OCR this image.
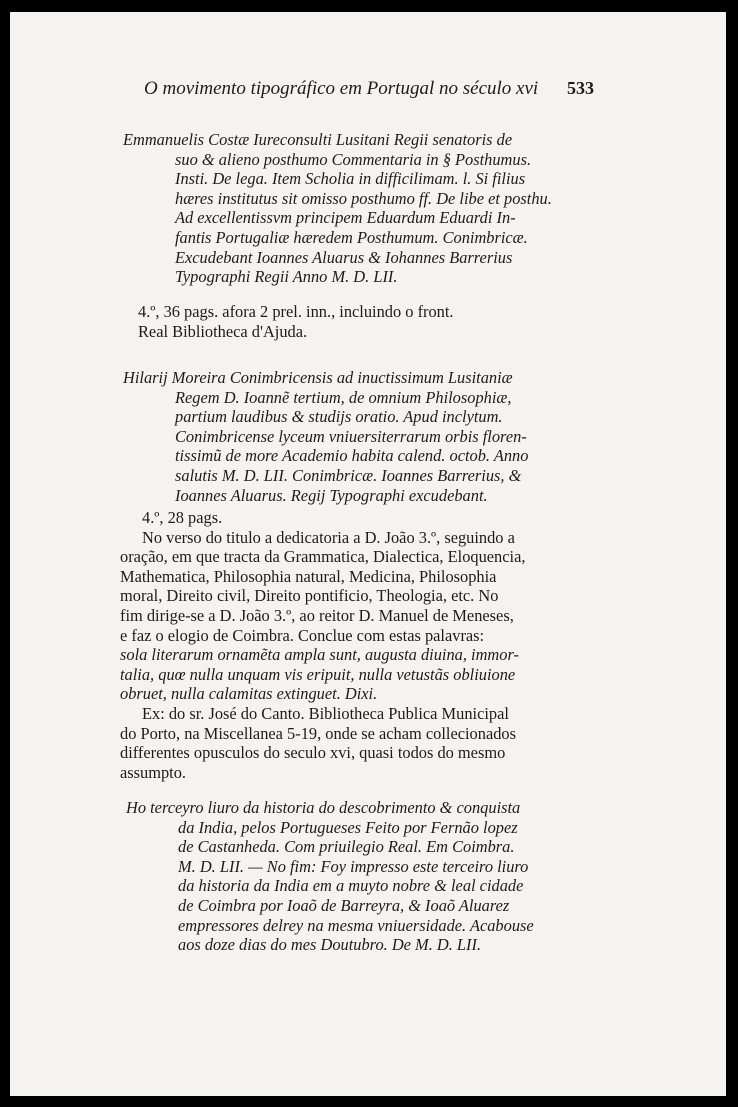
O movimento tipográfico em Portugal no século xvi 533
Emmanuelis Costæ Iureconsulti Lusitani Regii senatoris de
suo & alieno posthumo Commentaria in § Posthumus.
Insti. De lega. Item Scholia in difficilimam. l. Si filius
hæres institutus sit omisso posthumo ff. De libe et posthu.
Ad excellentissvm principem Eduardum Eduardi In-
fantis Portugaliæ hæredem Posthumum. Conimbricæ.
Excudebant Ioannes Aluarus & Iohannes Barrerius
Typographi Regii Anno M. D. LII.
4.º, 36 pags. afora 2 prel. inn., incluindo o front.
Real Bibliotheca d'Ajuda.
Hilarij Moreira Conimbricensis ad inuctissimum Lusitaniæ
Regem D. Ioannẽ tertium, de omnium Philosophiæ,
partium laudibus & studijs oratio. Apud inclytum.
Conimbricense lyceum vniuersiterrarum orbis floren-
tissimũ de more Academio habita calend. octob. Anno
salutis M. D. LII. Conimbricæ. Ioannes Barrerius, &
Ioannes Aluarus. Regij Typographi excudebant.
4.º, 28 pags.
No verso do titulo a dedicatoria a D. João 3.º, seguindo a
oração, em que tracta da Grammatica, Dialectica, Eloquencia,
Mathematica, Philosophia natural, Medicina, Philosophia
moral, Direito civil, Direito pontificio, Theologia, etc. No
fim dirige-se a D. João 3.º, ao reitor D. Manuel de Meneses,
e faz o elogio de Coimbra. Conclue com estas palavras:
sola literarum ornamẽta ampla sunt, augusta diuina, immor-
talia, quœ nulla unquam vis eripuit, nulla vetustãs obliuione
obruet, nulla calamitas extinguet. Dixi.
Ex: do sr. José do Canto. Bibliotheca Publica Municipal
do Porto, na Miscellanea 5-19, onde se acham collecionados
differentes opusculos do seculo xvi, quasi todos do mesmo
assumpto.
Ho terceyro liuro da historia do descobrimento & conquista
da India, pelos Portugueses Feito por Fernão lopez
de Castanheda. Com priuilegio Real. Em Coimbra.
M. D. LII. — No fim: Foy impresso este terceiro liuro
da historia da India em a muyto nobre & leal cidade
de Coimbra por Ioaõ de Barreyra, & Ioaõ Aluarez
empressores delrey na mesma vniuersidade. Acabouse
aos doze dias do mes Doutubro. De M. D. LII.
